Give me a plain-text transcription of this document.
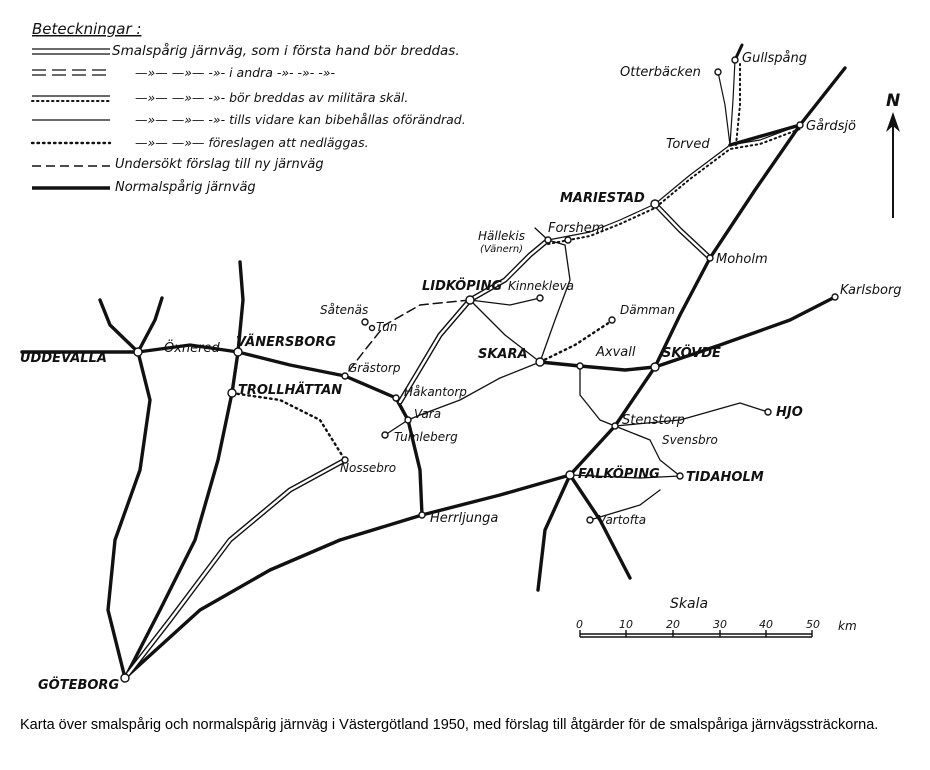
Beteckningar :
Smalspårig järnväg, som i första hand bör breddas.
—»— —»— -»- i andra -»- -»- -»-
—»— —»— -»- bör breddas av militära skäl.
—»— —»— -»- tills vidare kan bibehållas oförändrad.
—»— —»— föreslagen att nedläggas.
Undersökt förslag till ny järnväg
Normalspårig järnväg
N
Otterbäcken
Gullspång
Gårdsjö
Torved
MARIESTAD
Forshem
Hällekis
(Vänern)
Moholm
Karlsborg
LIDKÖPING Kinnekleva
Dämman
Såtenäs
Tun
UDDEVALLA
Öxnered VÄNERSBORG
Grästorp
TROLLHÄTTAN
SKARA	Axvall SKÖVDE
Håkantorp
Vara
Tumleberg
Nossebro
Stenstorp
HJO
Svensbro
FALKÖPING TIDAHOLM
Vartofta
Herrljunga
GÖTEBORG
Skala
0	10	20	30	40	50 km
Karta över smalspårig och normalspårig järnväg i Västergötland 1950, med förslag till åtgärder för de smalspåriga järnvägssträckorna.
